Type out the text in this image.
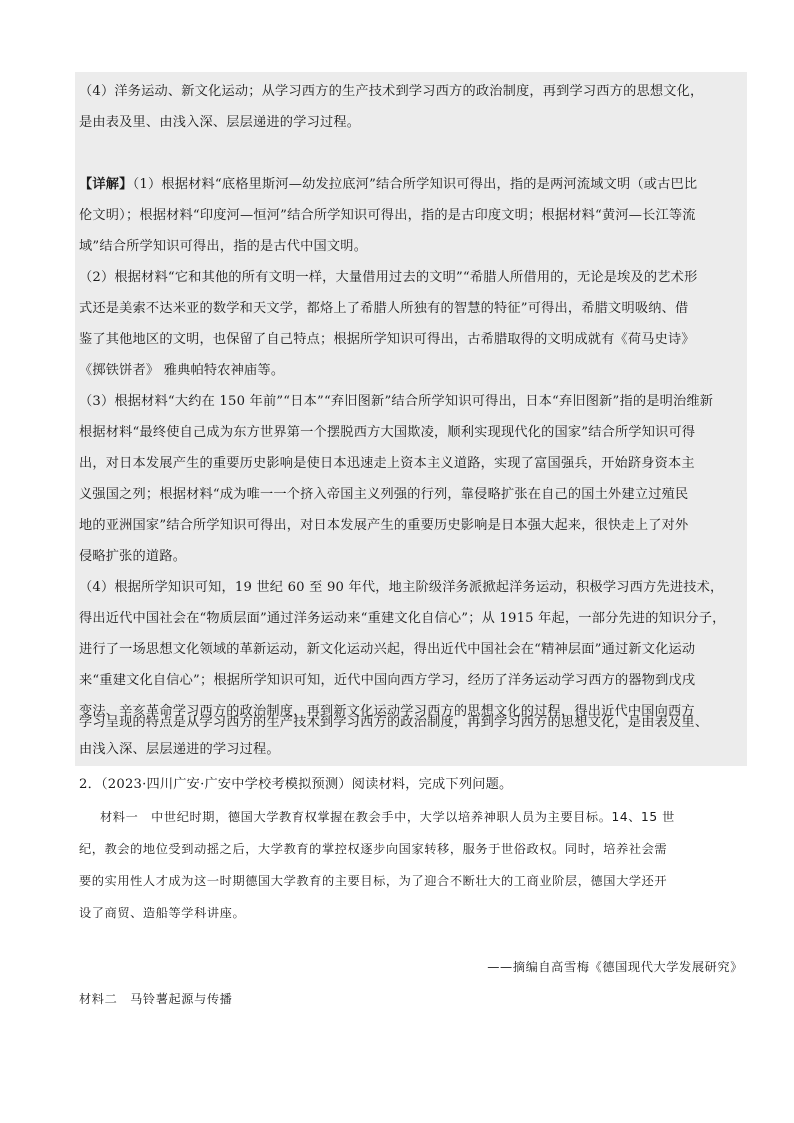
（4）洋务运动、新文化运动；从学习西方的生产技术到学习西方的政治制度，再到学习西方的思想文化，

是由表及里、由浅入深、层层递进的学习过程。

【详解】（1）根据材料“底格里斯河—幼发拉底河”结合所学知识可得出，指的是两河流域文明（或古巴比

伦文明）；根据材料“印度河—恒河”结合所学知识可得出，指的是古印度文明；根据材料“黄河—长江等流

域”结合所学知识可得出，指的是古代中国文明。

（2）根据材料“它和其他的所有文明一样，大量借用过去的文明”“希腊人所借用的，无论是埃及的艺术形

式还是美索不达米亚的数学和天文学，都烙上了希腊人所独有的智慧的特征”可得出，希腊文明吸纳、借

鉴了其他地区的文明，也保留了自己特点；根据所学知识可得出，古希腊取得的文明成就有《荷马史诗》

《掷铁饼者》 雅典帕特农神庙等。

（3）根据材料“大约在 150 年前”“日本”“弃旧图新”结合所学知识可得出，日本“弃旧图新”指的是明治维新

根据材料“最终使自己成为东方世界第一个摆脱西方大国欺凌，顺利实现现代化的国家”结合所学知识可得

出，对日本发展产生的重要历史影响是使日本迅速走上资本主义道路，实现了富国强兵，开始跻身资本主

义强国之列；根据材料“成为唯一一个挤入帝国主义列强的行列，靠侵略扩张在自己的国土外建立过殖民

地的亚洲国家”结合所学知识可得出，对日本发展产生的重要历史影响是日本强大起来，很快走上了对外

侵略扩张的道路。

（4）根据所学知识可知，19 世纪 60 至 90 年代，地主阶级洋务派掀起洋务运动，积极学习西方先进技术，

得出近代中国社会在“物质层面”通过洋务运动来“重建文化自信心”；从 1915 年起，一部分先进的知识分子，

进行了一场思想文化领域的革新运动，新文化运动兴起，得出近代中国社会在“精神层面”通过新文化运动

来“重建文化自信心”；根据所学知识可知，近代中国向西方学习，经历了洋务运动学习西方的器物到戊戌

变法、辛亥革命学习西方的政治制度，再到新文化运动学习西方的思想文化的过程，得出近代中国向西方

学习呈现的特点是从学习西方的生产技术到学习西方的政治制度，再到学习西方的思想文化，是由表及里、

由浅入深、层层递进的学习过程。

2．（2023·四川广安·广安中学校考模拟预测）阅读材料，完成下列问题。

材料一　中世纪时期，德国大学教育权掌握在教会手中，大学以培养神职人员为主要目标。14、15 世

纪，教会的地位受到动摇之后，大学教育的掌控权逐步向国家转移，服务于世俗政权。同时，培养社会需

要的实用性人才成为这一时期德国大学教育的主要目标，为了迎合不断壮大的工商业阶层，德国大学还开

设了商贸、造船等学科讲座。

——摘编自高雪梅《德国现代大学发展研究》

材料二　马铃薯起源与传播
